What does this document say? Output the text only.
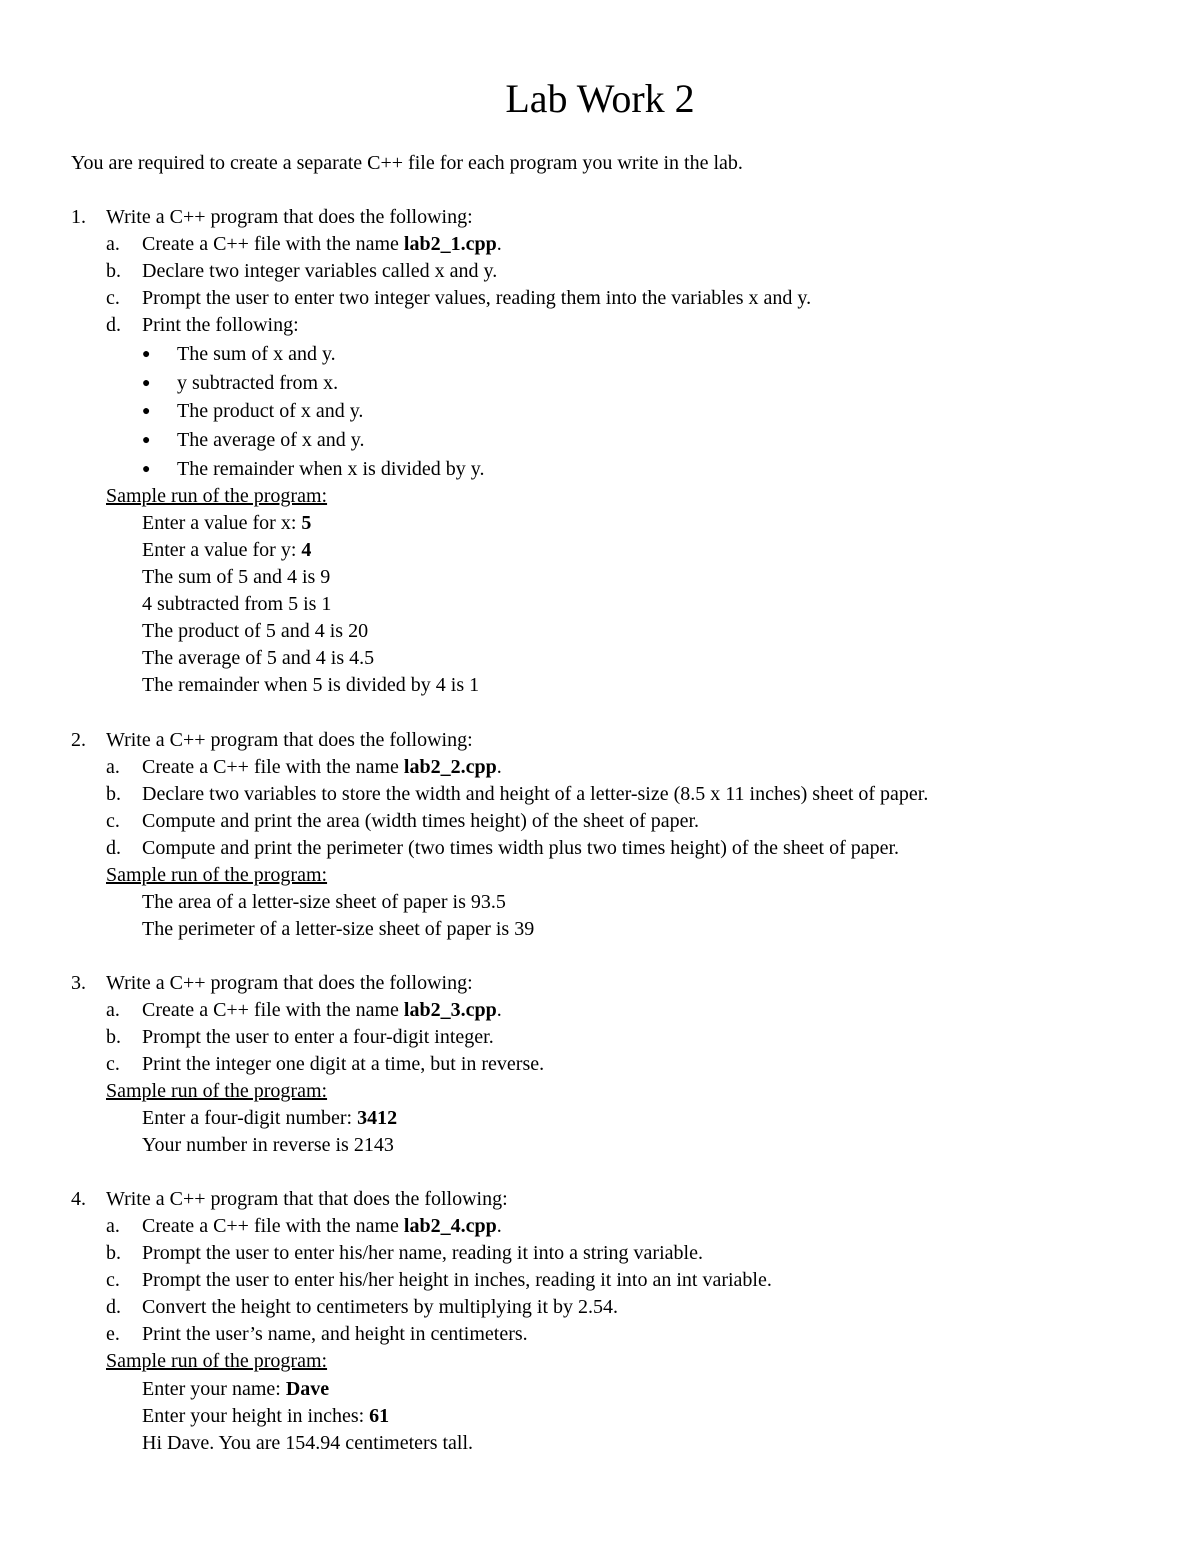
Lab Work 2

You are required to create a separate C++ file for each program you write in the lab.

1. Write a C++ program that does the following:
a. Create a C++ file with the name lab2_1.cpp.
b. Declare two integer variables called x and y.
c. Prompt the user to enter two integer values, reading them into the variables x and y.
d. Print the following:
● The sum of x and y.
● y subtracted from x.
● The product of x and y.
● The average of x and y.
● The remainder when x is divided by y.
Sample run of the program:
Enter a value for x: 5
Enter a value for y: 4
The sum of 5 and 4 is 9
4 subtracted from 5 is 1
The product of 5 and 4 is 20
The average of 5 and 4 is 4.5
The remainder when 5 is divided by 4 is 1
2. Write a C++ program that does the following:
a. Create a C++ file with the name lab2_2.cpp.
b. Declare two variables to store the width and height of a letter-size (8.5 x 11 inches) sheet of paper.
c. Compute and print the area (width times height) of the sheet of paper.
d. Compute and print the perimeter (two times width plus two times height) of the sheet of paper.
Sample run of the program:
The area of a letter-size sheet of paper is 93.5
The perimeter of a letter-size sheet of paper is 39
3. Write a C++ program that does the following:
a. Create a C++ file with the name lab2_3.cpp.
b. Prompt the user to enter a four-digit integer.
c. Print the integer one digit at a time, but in reverse.
Sample run of the program:
Enter a four-digit number: 3412
Your number in reverse is 2143
4. Write a C++ program that that does the following:
a. Create a C++ file with the name lab2_4.cpp.
b. Prompt the user to enter his/her name, reading it into a string variable.
c. Prompt the user to enter his/her height in inches, reading it into an int variable.
d. Convert the height to centimeters by multiplying it by 2.54.
e. Print the user’s name, and height in centimeters.
Sample run of the program:
Enter your name: Dave
Enter your height in inches: 61
Hi Dave. You are 154.94 centimeters tall.
